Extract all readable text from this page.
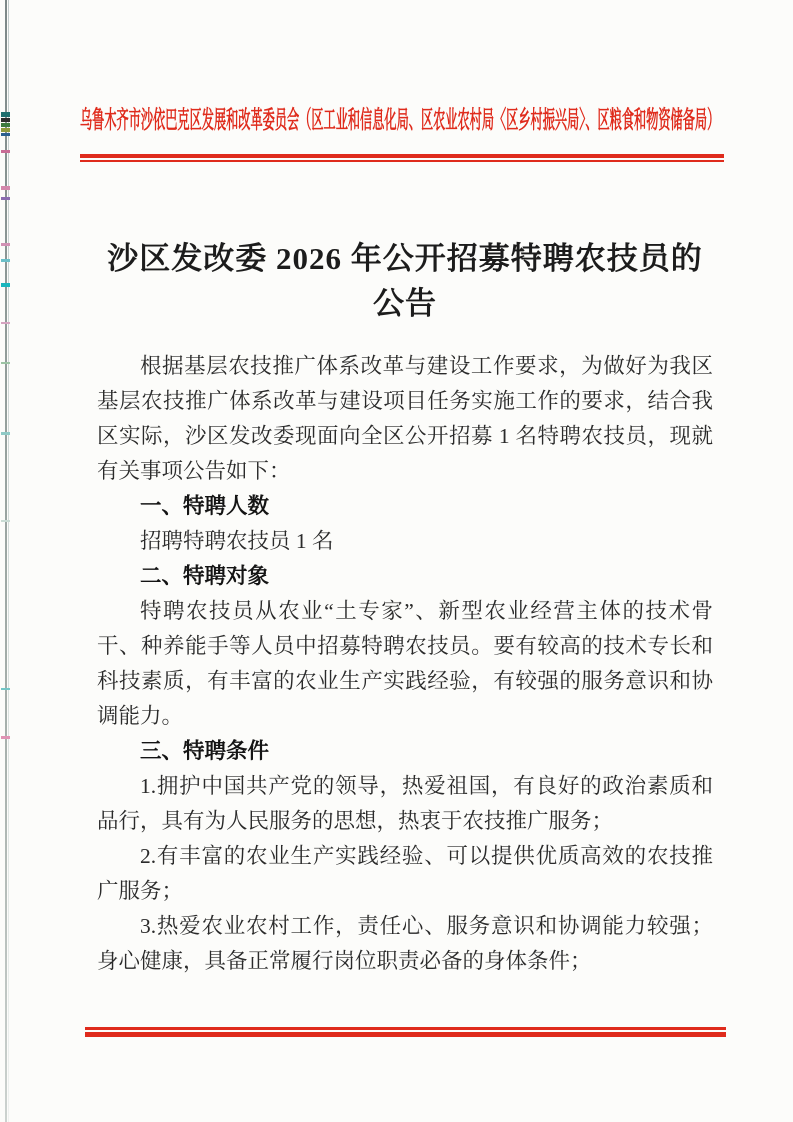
乌鲁木齐市沙依巴克区发展和改革委员会（区工业和信息化局、区农业农村局〈区乡村振兴局〉、区粮食和物资储备局）
沙区发改委 2026 年公开招募特聘农技员的
公告

根据基层农技推广体系改革与建设工作要求，为做好为我区基层农技推广体系改革与建设项目任务实施工作的要求，结合我区实际，沙区发改委现面向全区公开招募 1 名特聘农技员，现就有关事项公告如下：

一、特聘人数

招聘特聘农技员 1 名

二、特聘对象

特聘农技员从农业“土专家”、新型农业经营主体的技术骨干、种养能手等人员中招募特聘农技员。要有较高的技术专长和科技素质，有丰富的农业生产实践经验，有较强的服务意识和协调能力。

三、特聘条件

1.拥护中国共产党的领导，热爱祖国，有良好的政治素质和品行，具有为人民服务的思想，热衷于农技推广服务；

2.有丰富的农业生产实践经验、可以提供优质高效的农技推广服务；

3.热爱农业农村工作，责任心、服务意识和协调能力较强；身心健康，具备正常履行岗位职责必备的身体条件；
